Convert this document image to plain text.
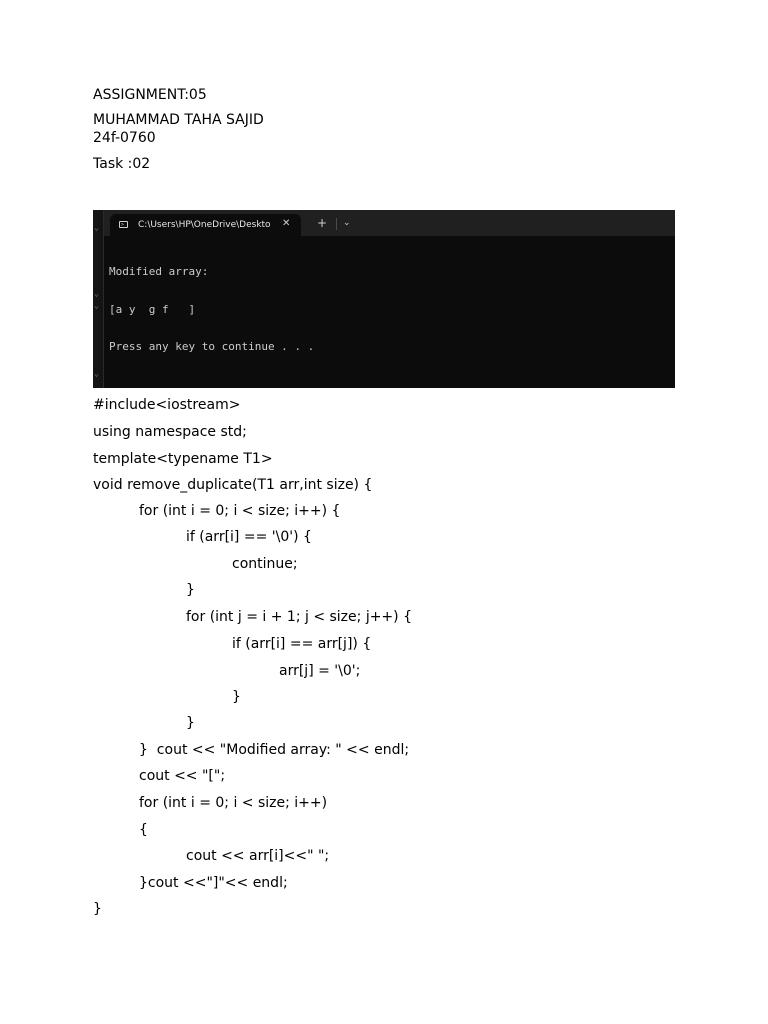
ASSIGNMENT:05
MUHAMMAD TAHA SAJID
24f-0760
Task :02
⌄
⌄
⌄
⌄
>_ C:\Users\HP\OneDrive\Deskto ✕ + ⌄

Modified array:

[a y  g f   ]

Press any key to continue . . .

#include<iostream>
using namespace std;
template<typename T1>
void remove_duplicate(T1 arr,int size) {
for (int i = 0; i < size; i++) {
if (arr[i] == '\0') {
continue;
}
for (int j = i + 1; j < size; j++) {
if (arr[i] == arr[j]) {
arr[j] = '\0';
}
}
}  cout << "Modified array: " << endl;
cout << "[";
for (int i = 0; i < size; i++)
{
cout << arr[i]<<" ";
}cout <<"]"<< endl;
}
